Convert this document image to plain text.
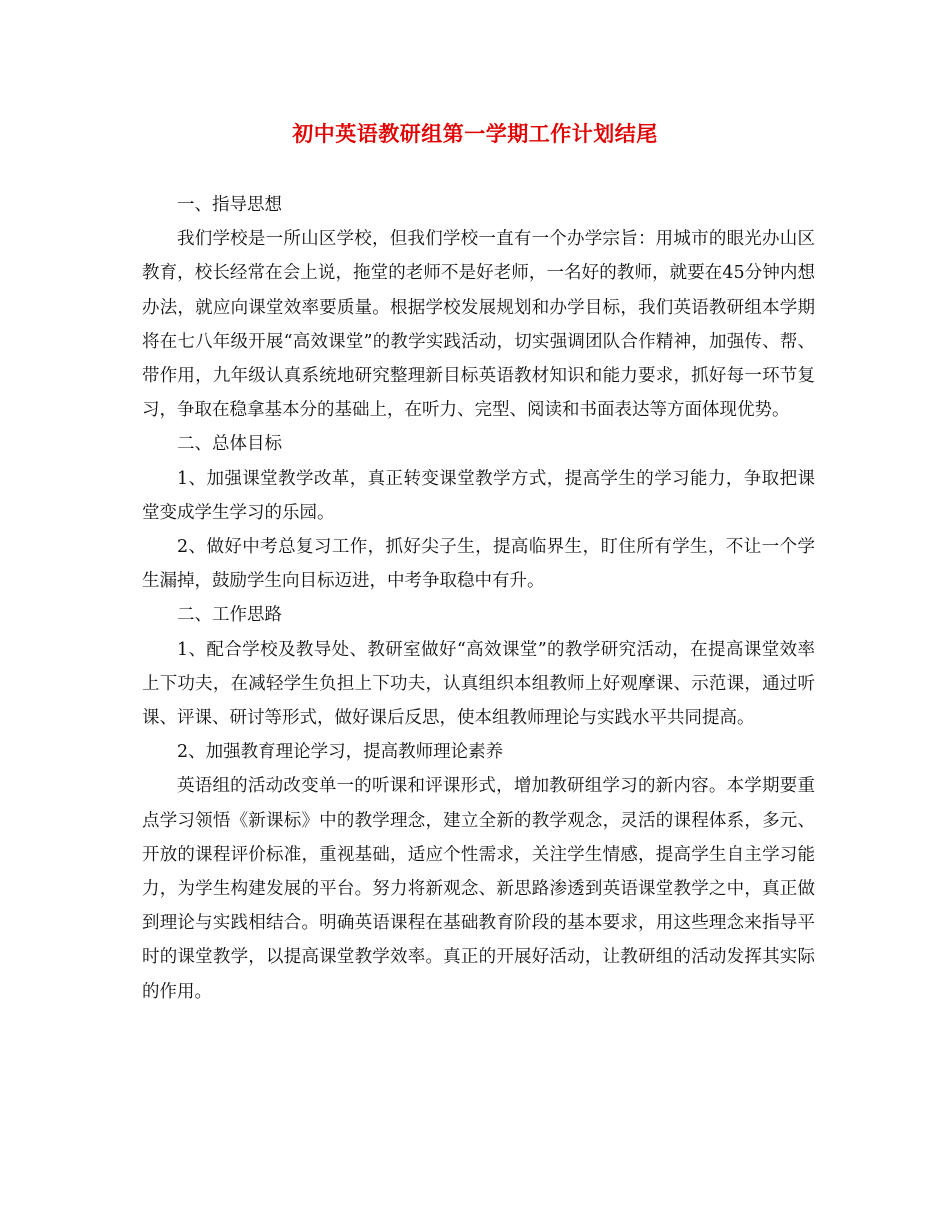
初中英语教研组第一学期工作计划结尾

一、指导思想

我们学校是一所山区学校，但我们学校一直有一个办学宗旨：用城市的眼光办山区教育，校长经常在会上说，拖堂的老师不是好老师，一名好的教师，就要在45分钟内想办法，就应向课堂效率要质量。根据学校发展规划和办学目标，我们英语教研组本学期将在七八年级开展“高效课堂”的教学实践活动，切实强调团队合作精神，加强传、帮、带作用，九年级认真系统地研究整理新目标英语教材知识和能力要求，抓好每一环节复习，争取在稳拿基本分的基础上，在听力、完型、阅读和书面表达等方面体现优势。

二、总体目标

1、加强课堂教学改革，真正转变课堂教学方式，提高学生的学习能力，争取把课堂变成学生学习的乐园。

2、做好中考总复习工作，抓好尖子生，提高临界生，盯住所有学生，不让一个学生漏掉，鼓励学生向目标迈进，中考争取稳中有升。

二、工作思路

1、配合学校及教导处、教研室做好“高效课堂”的教学研究活动，在提高课堂效率上下功夫，在减轻学生负担上下功夫，认真组织本组教师上好观摩课、示范课，通过听课、评课、研讨等形式，做好课后反思，使本组教师理论与实践水平共同提高。

2、加强教育理论学习，提高教师理论素养

英语组的活动改变单一的听课和评课形式，增加教研组学习的新内容。本学期要重点学习领悟《新课标》中的教学理念，建立全新的教学观念，灵活的课程体系，多元、开放的课程评价标准，重视基础，适应个性需求，关注学生情感，提高学生自主学习能力，为学生构建发展的平台。努力将新观念、新思路渗透到英语课堂教学之中，真正做到理论与实践相结合。明确英语课程在基础教育阶段的基本要求，用这些理念来指导平时的课堂教学，以提高课堂教学效率。真正的开展好活动，让教研组的活动发挥其实际的作用。
